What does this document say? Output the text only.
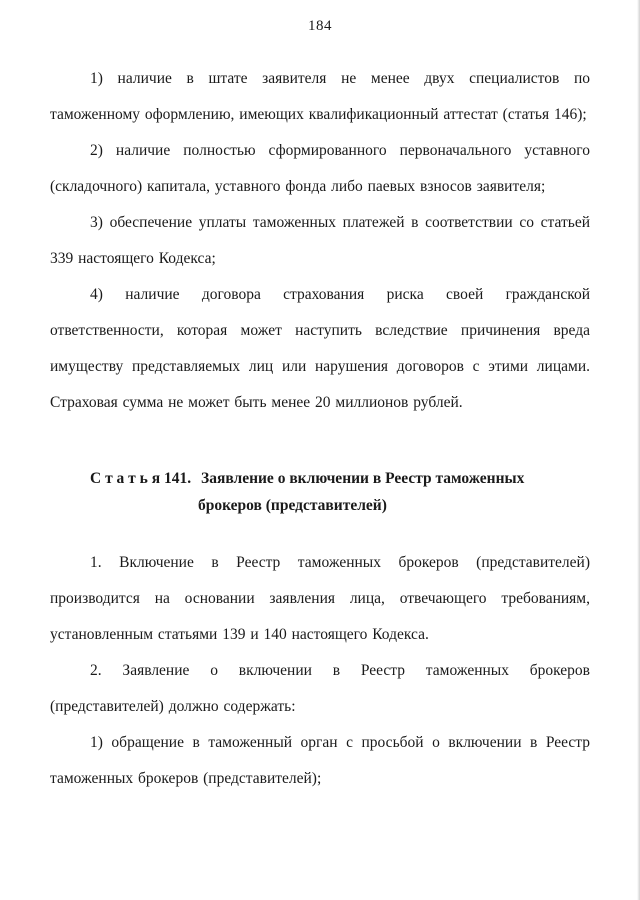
184

1) наличие в штате заявителя не менее двух специалистов по таможенному оформлению, имеющих квалификационный аттестат (статья 146);

2) наличие полностью сформированного первоначального уставного (складочного) капитала, уставного фонда либо паевых взносов заявителя;

3) обеспечение уплаты таможенных платежей в соответствии со статьей 339 настоящего Кодекса;

4) наличие договора страхования риска своей гражданской ответственности, которая может наступить вследствие причинения вреда имуществу представляемых лиц или нарушения договоров с этими лицами. Страховая сумма не может быть менее 20 миллионов рублей.

С т а т ь я 141. Заявление о включении в Реестр таможенных брокеров (представителей)

1. Включение в Реестр таможенных брокеров (представителей) производится на основании заявления лица, отвечающего требованиям, установленным статьями 139 и 140 настоящего Кодекса.

2. Заявление о включении в Реестр таможенных брокеров (представителей) должно содержать:

1) обращение в таможенный орган с просьбой о включении в Реестр таможенных брокеров (представителей);
